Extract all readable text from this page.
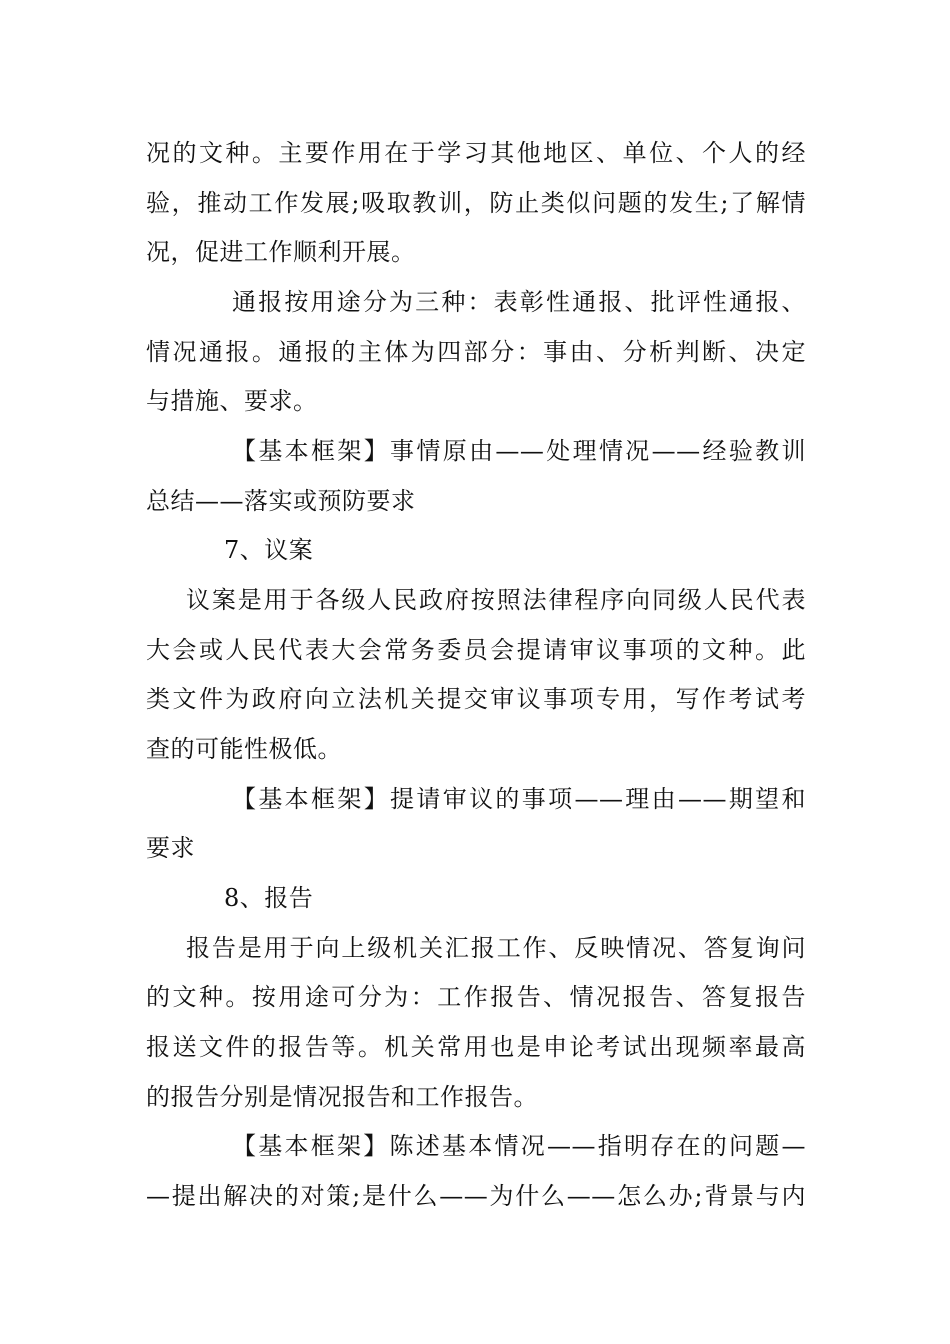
况的文种。主要作用在于学习其他地区、单位、个人的经
验，推动工作发展;吸取教训，防止类似问题的发生;了解情
况，促进工作顺利开展。
通报按用途分为三种：表彰性通报、批评性通报、
情况通报。通报的主体为四部分：事由、分析判断、决定
与措施、要求。
【基本框架】事情原由——处理情况——经验教训
总结——落实或预防要求
7、议案
议案是用于各级人民政府按照法律程序向同级人民代表
大会或人民代表大会常务委员会提请审议事项的文种。此
类文件为政府向立法机关提交审议事项专用，写作考试考
查的可能性极低。
【基本框架】提请审议的事项——理由——期望和
要求
8、报告
报告是用于向上级机关汇报工作、反映情况、答复询问
的文种。按用途可分为：工作报告、情况报告、答复报告
报送文件的报告等。机关常用也是申论考试出现频率最高
的报告分别是情况报告和工作报告。
【基本框架】陈述基本情况——指明存在的问题—
—提出解决的对策;是什么——为什么——怎么办;背景与内
